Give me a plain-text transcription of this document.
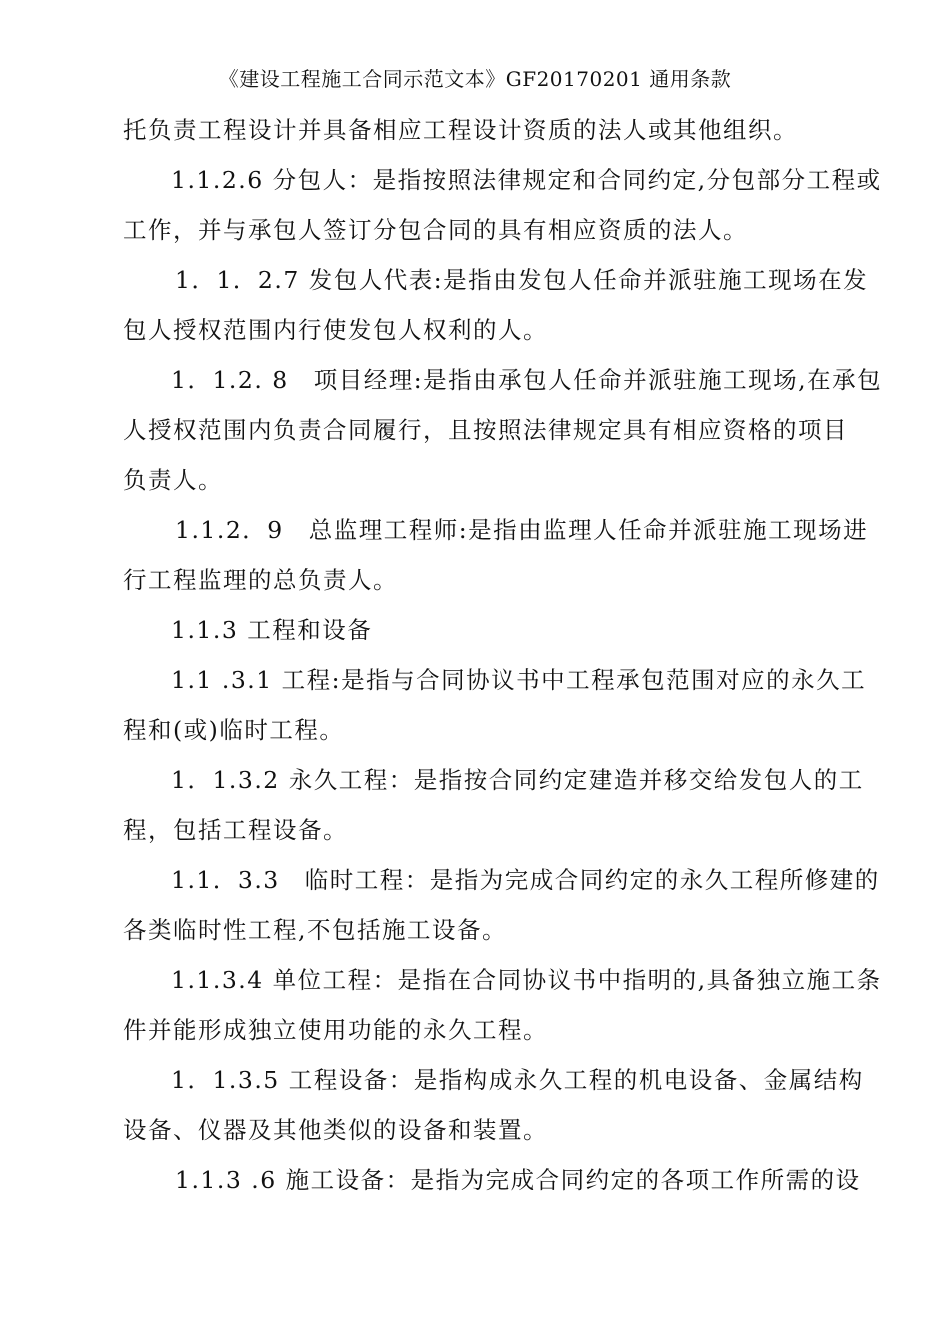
《建设工程施工合同示范文本》GF20170201 通用条款
托负责工程设计并具备相应工程设计资质的法人或其他组织。
1.1.2.6 分包人：是指按照法律规定和合同约定,分包部分工程或
工作，并与承包人签订分包合同的具有相应资质的法人。
1．1．2.7 发包人代表:是指由发包人任命并派驻施工现场在发
包人授权范围内行使发包人权利的人。
1．1.2. 8　项目经理:是指由承包人任命并派驻施工现场,在承包
人授权范围内负责合同履行，且按照法律规定具有相应资格的项目
负责人。
1.1.2．9　总监理工程师:是指由监理人任命并派驻施工现场进
行工程监理的总负责人。
1.1.3 工程和设备
1.1 .3.1 工程:是指与合同协议书中工程承包范围对应的永久工
程和(或)临时工程。
1．1.3.2 永久工程：是指按合同约定建造并移交给发包人的工
程，包括工程设备。
1.1．3.3　临时工程：是指为完成合同约定的永久工程所修建的
各类临时性工程,不包括施工设备。
1.1.3.4 单位工程：是指在合同协议书中指明的,具备独立施工条
件并能形成独立使用功能的永久工程。
1．1.3.5 工程设备：是指构成永久工程的机电设备、金属结构
设备、仪器及其他类似的设备和装置。
1.1.3 .6 施工设备：是指为完成合同约定的各项工作所需的设
